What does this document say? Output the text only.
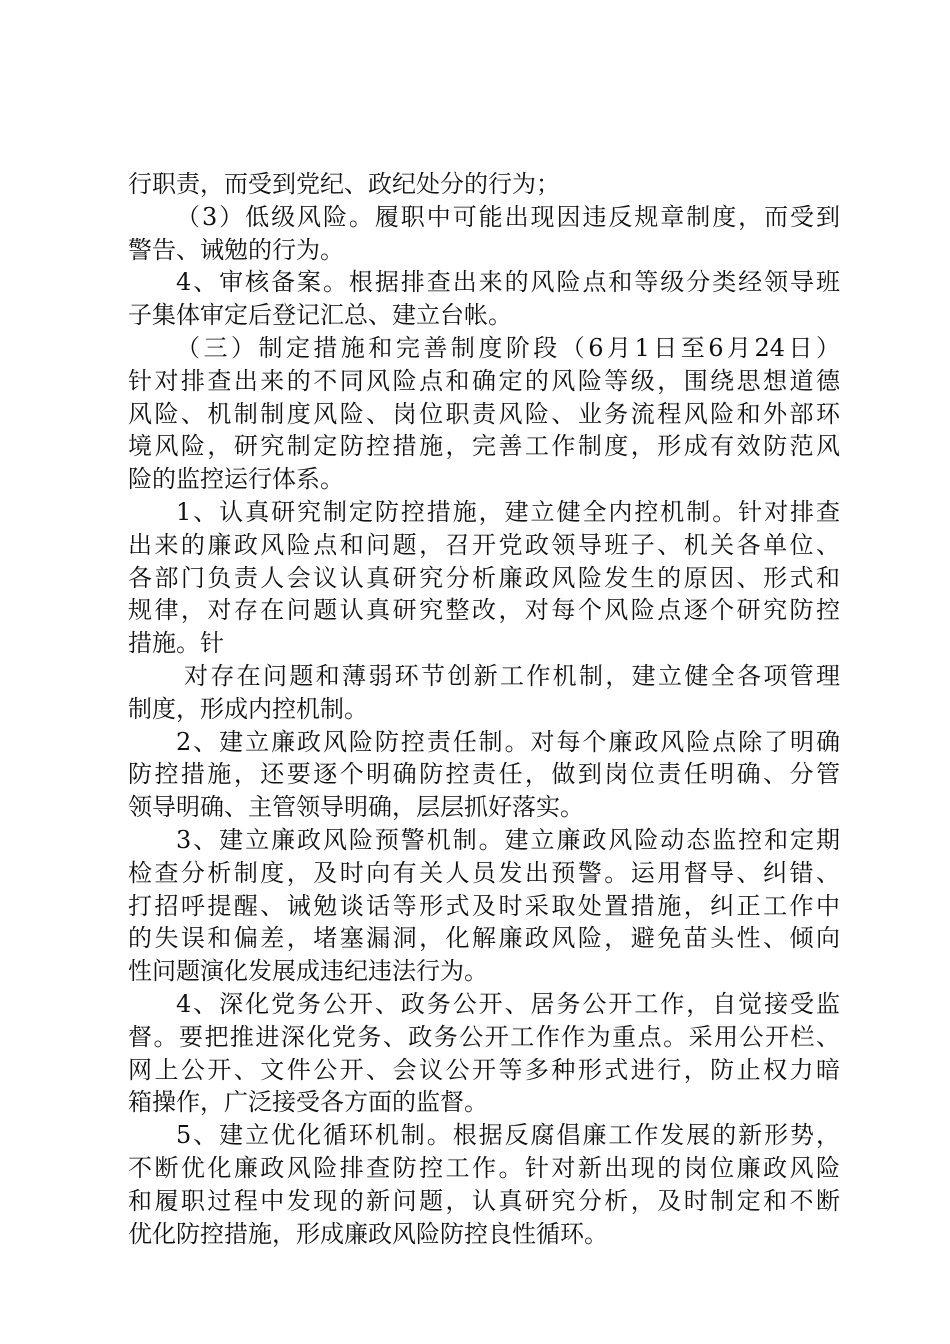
行职责，而受到党纪、政纪处分的行为；
（3）低级风险。履职中可能出现因违反规章制度，而受到
警告、诫勉的行为。
4、审核备案。根据排查出来的风险点和等级分类经领导班
子集体审定后登记汇总、建立台帐。
（三）制定措施和完善制度阶段（6月1日至6月24日）
针对排查出来的不同风险点和确定的风险等级，围绕思想道德
风险、机制制度风险、岗位职责风险、业务流程风险和外部环
境风险，研究制定防控措施，完善工作制度，形成有效防范风
险的监控运行体系。
1、认真研究制定防控措施，建立健全内控机制。针对排查
出来的廉政风险点和问题，召开党政领导班子、机关各单位、
各部门负责人会议认真研究分析廉政风险发生的原因、形式和
规律，对存在问题认真研究整改，对每个风险点逐个研究防控
措施。针
对存在问题和薄弱环节创新工作机制，建立健全各项管理
制度，形成内控机制。
2、建立廉政风险防控责任制。对每个廉政风险点除了明确
防控措施，还要逐个明确防控责任，做到岗位责任明确、分管
领导明确、主管领导明确，层层抓好落实。
3、建立廉政风险预警机制。建立廉政风险动态监控和定期
检查分析制度，及时向有关人员发出预警。运用督导、纠错、
打招呼提醒、诫勉谈话等形式及时采取处置措施，纠正工作中
的失误和偏差，堵塞漏洞，化解廉政风险，避免苗头性、倾向
性问题演化发展成违纪违法行为。
4、深化党务公开、政务公开、居务公开工作，自觉接受监
督。要把推进深化党务、政务公开工作作为重点。采用公开栏、
网上公开、文件公开、会议公开等多种形式进行，防止权力暗
箱操作，广泛接受各方面的监督。
5、建立优化循环机制。根据反腐倡廉工作发展的新形势，
不断优化廉政风险排查防控工作。针对新出现的岗位廉政风险
和履职过程中发现的新问题，认真研究分析，及时制定和不断
优化防控措施，形成廉政风险防控良性循环。
